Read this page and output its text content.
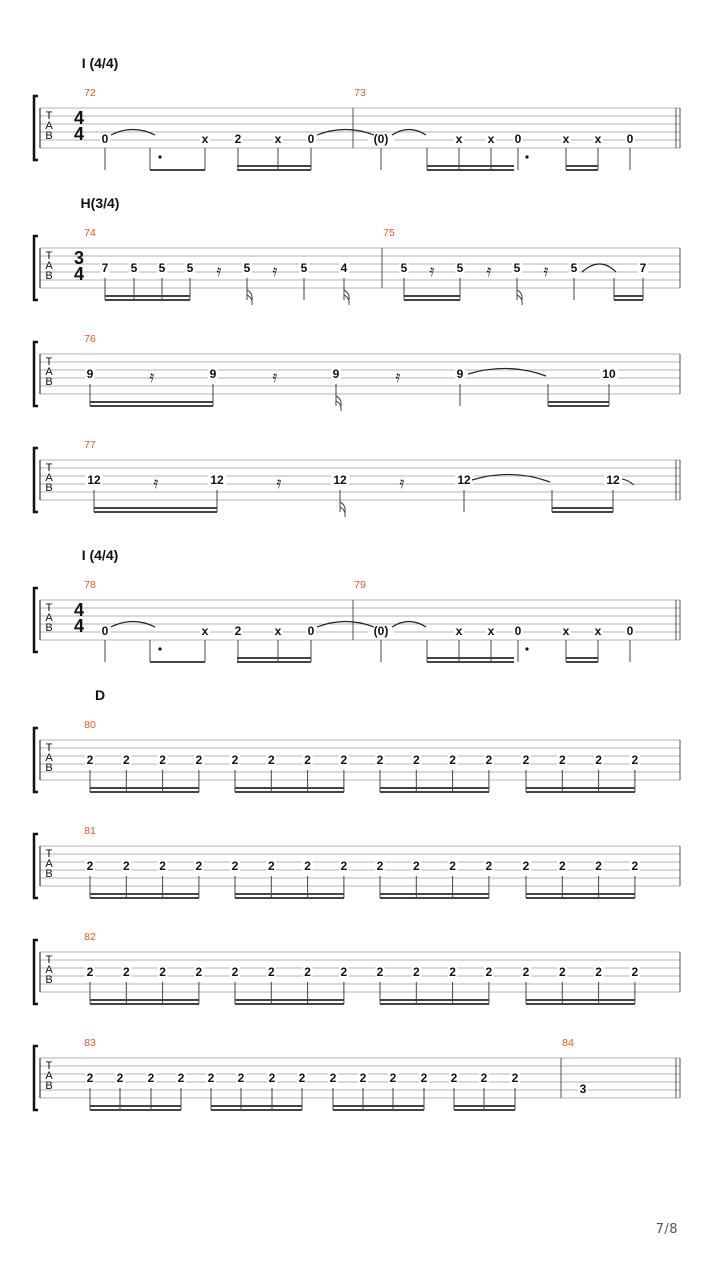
I (4/4)
T
A
B
4
4
72	73
0	x 2	x 0	(0)	x x 0	x x 0
H(3/4)
T
A
B
3
4
74	75
7 5 5 5	5	5	4	5	5	5	5	7
𝄿	𝄿	𝄿	𝄿	𝄿
T
A
B
76
9	9	9	9	10
𝄿	𝄿	𝄿
T
A
B
77
12	12	12	12	12
𝄿	𝄿	𝄿
I (4/4)
T
A
B
4
4
78	79
0	x 2	x 0	(0)	x x 0	x x 0
D
T
A
B
80
2 2 2 2 2 2 2 2 2 2 2 2	2 2 2 2
T
A
B
81
2 2 2 2 2 2 2 2 2 2 2 2	2 2 2 2
T
A
B
82
2 2 2 2 2 2 2 2 2 2 2 2	2 2 2 2
T
A
B
83	84
2 2 2 2 2 2 2 2 2 2 2 2 2 2 2
3
7/8
